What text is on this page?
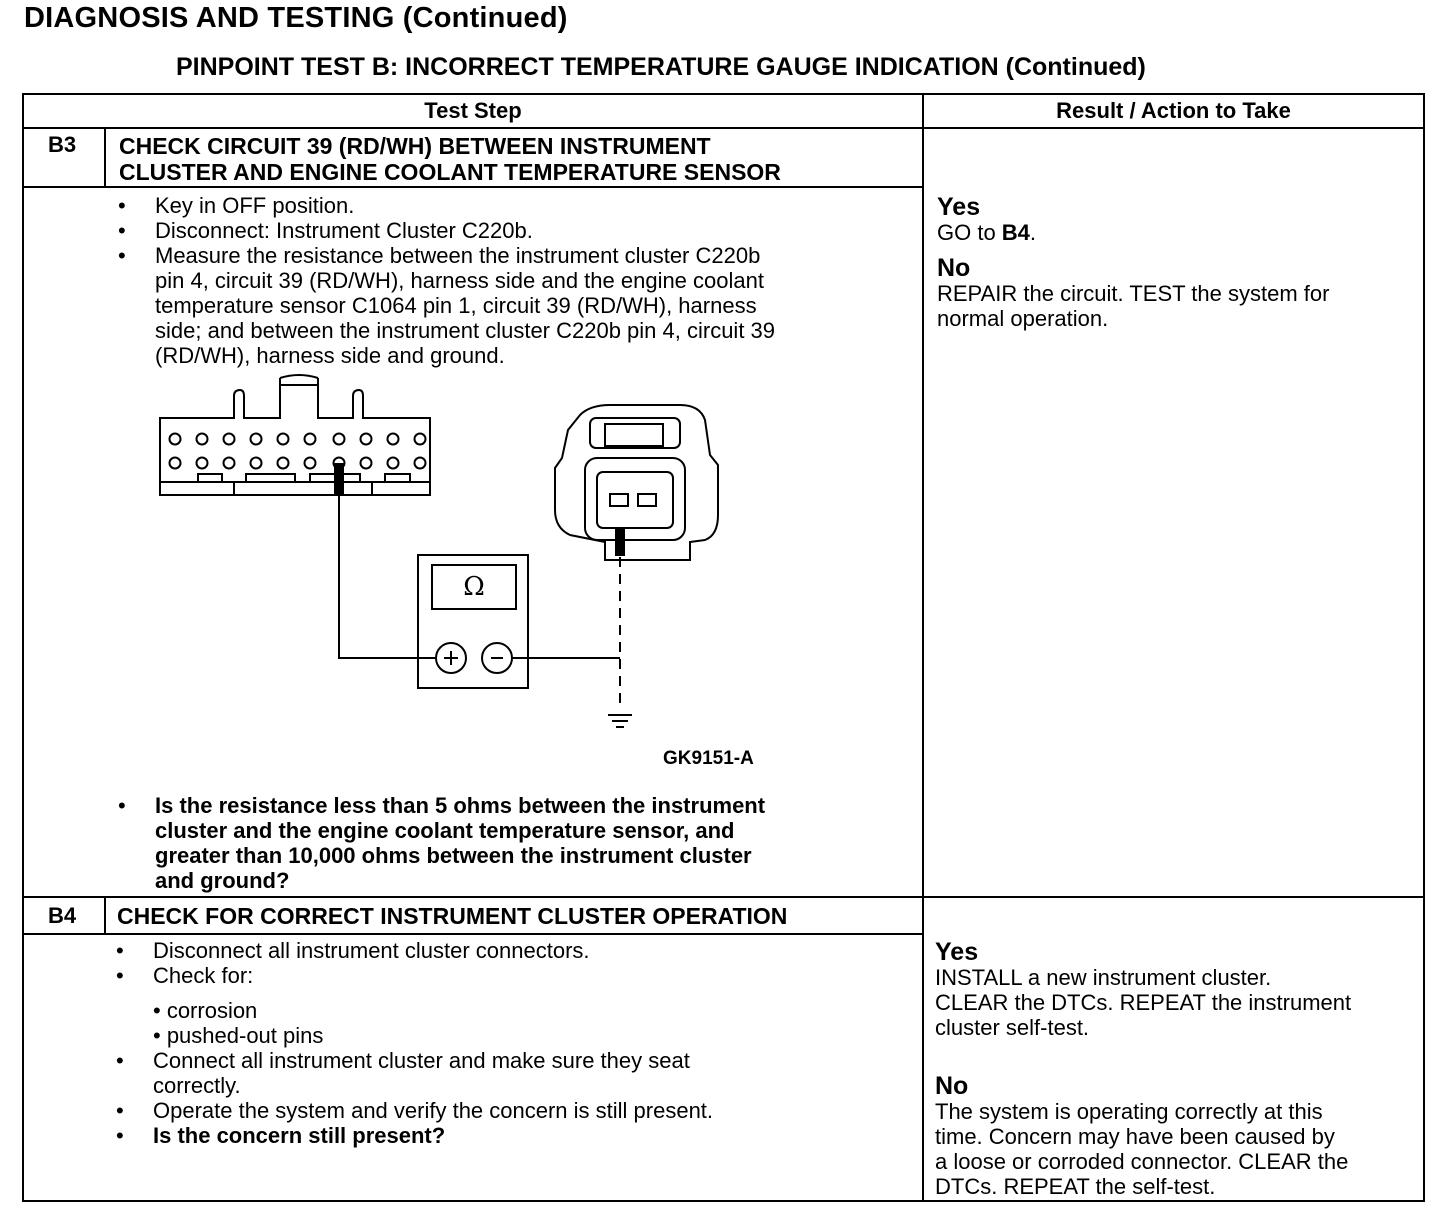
DIAGNOSIS AND TESTING (Continued)
PINPOINT TEST B: INCORRECT TEMPERATURE GAUGE INDICATION (Continued)
Test Step	Result / Action to Take
B3 CHECK CIRCUIT 39 (RD/WH) BETWEEN INSTRUMENT
CLUSTER AND ENGINE COOLANT TEMPERATURE SENSOR
• Key in OFF position.
• Disconnect: Instrument Cluster C220b.
• Measure the resistance between the instrument cluster C220b
pin 4, circuit 39 (RD/WH), harness side and the engine coolant
temperature sensor C1064 pin 1, circuit 39 (RD/WH), harness
side; and between the instrument cluster C220b pin 4, circuit 39
(RD/WH), harness side and ground.
Ω
GK9151-A
• Is the resistance less than 5 ohms between the instrument
cluster and the engine coolant temperature sensor, and
greater than 10,000 ohms between the instrument cluster
and ground?
Yes
GO to B4.
No
REPAIR the circuit. TEST the system for
normal operation.
B4 CHECK FOR CORRECT INSTRUMENT CLUSTER OPERATION
• Disconnect all instrument cluster connectors.
• Check for:
• corrosion
• pushed-out pins
• Connect all instrument cluster and make sure they seat
correctly.
• Operate the system and verify the concern is still present.
• Is the concern still present?
Yes
INSTALL a new instrument cluster.
CLEAR the DTCs. REPEAT the instrument
cluster self-test.
No
The system is operating correctly at this
time. Concern may have been caused by
a loose or corroded connector. CLEAR the
DTCs. REPEAT the self-test.
